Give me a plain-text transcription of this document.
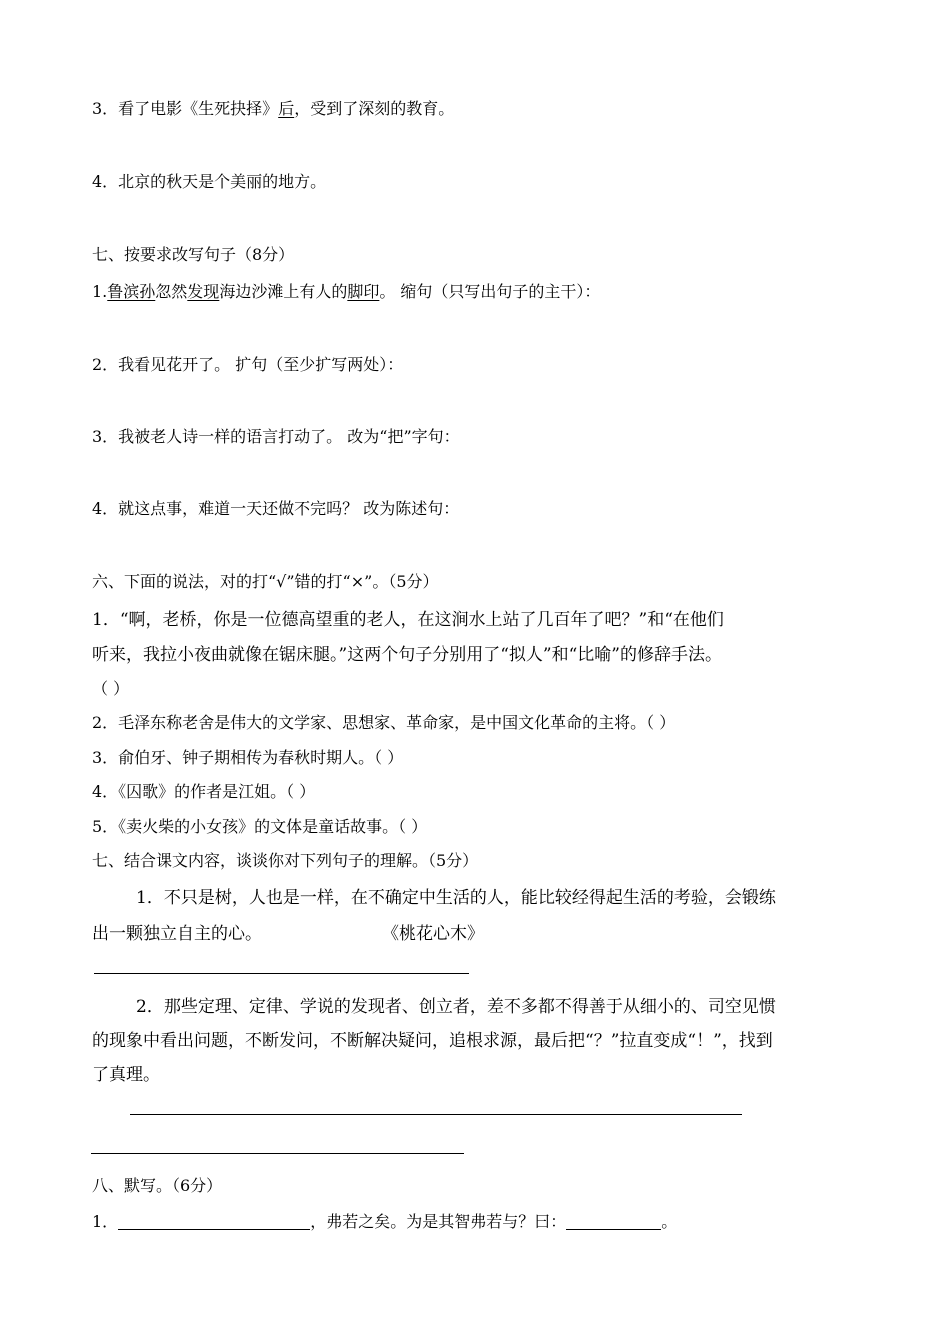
3．看了电影《生死抉择》后，受到了深刻的教育。
4．北京的秋天是个美丽的地方。
七、按要求改写句子（8分）
1.鲁滨孙忽然发现海边沙滩上有人的脚印。 缩句（只写出句子的主干）：
2．我看见花开了。 扩句（至少扩写两处）：
3．我被老人诗一样的语言打动了。 改为“把”字句：
4．就这点事，难道一天还做不完吗？ 改为陈述句：
六、下面的说法，对的打“√”错的打“×”。（5分）
1．“啊，老桥，你是一位德高望重的老人，在这涧水上站了几百年了吧？”和“在他们
听来，我拉小夜曲就像在锯床腿。”这两个句子分别用了“拟人”和“比喻”的修辞手法。
（ ）
2．毛泽东称老舍是伟大的文学家、思想家、革命家，是中国文化革命的主将。（ ）
3．俞伯牙、钟子期相传为春秋时期人。（ ）
4．《囚歌》的作者是江姐。（ ）
5．《卖火柴的小女孩》的文体是童话故事。（ ）
七、结合课文内容，谈谈你对下列句子的理解。（5分）
1．不只是树，人也是一样，在不确定中生活的人，能比较经得起生活的考验，会锻练
出一颗独立自主的心。	《桃花心木》
2．那些定理、定律、学说的发现者、创立者，差不多都不得善于从细小的、司空见惯
的现象中看出问题，不断发问，不断解决疑问，追根求源，最后把“？”拉直变成“！”，找到
了真理。
八、默写。（6分）
1．	，弗若之矣。为是其智弗若与？曰：	。
